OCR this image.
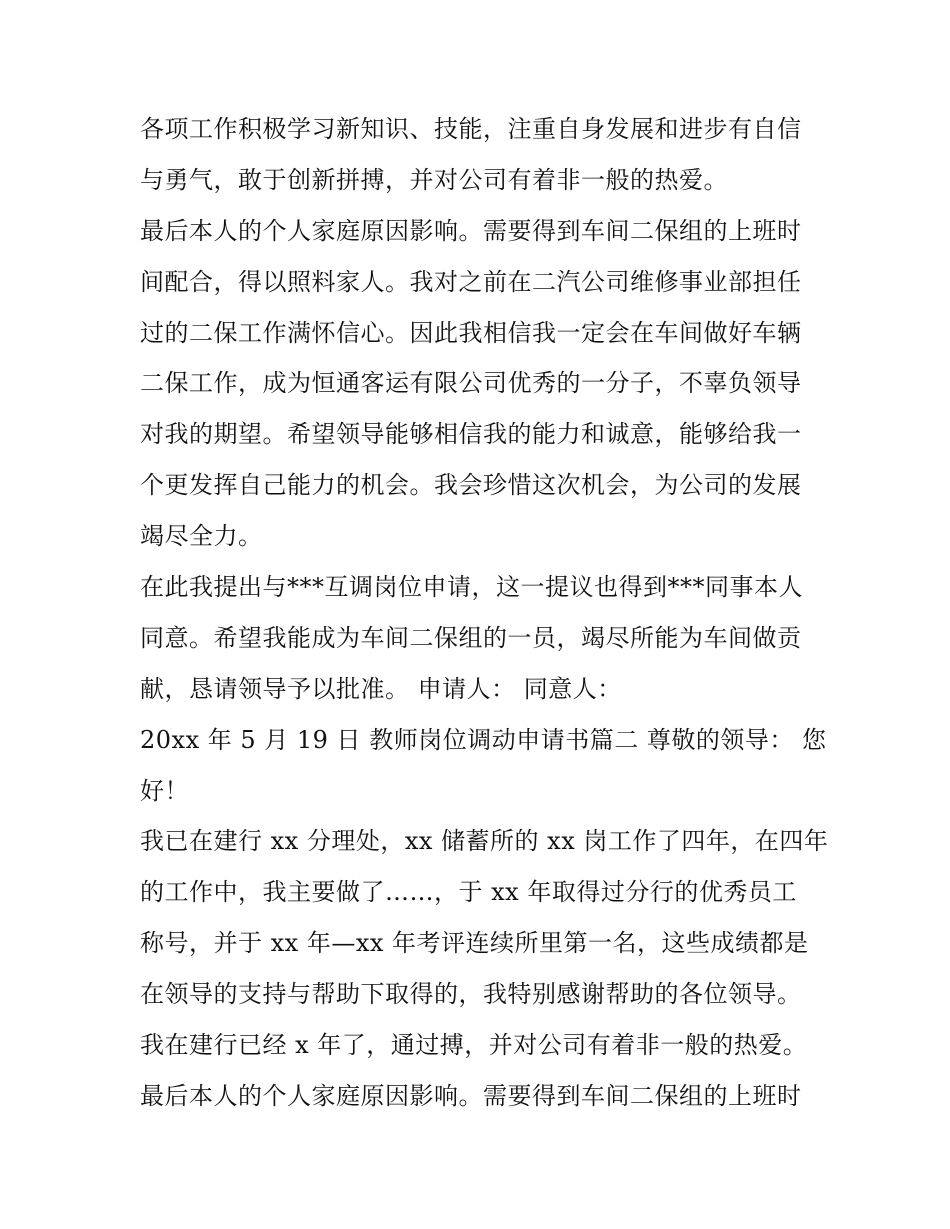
各项工作积极学习新知识、技能，注重自身发展和进步有自信
与勇气，敢于创新拼搏，并对公司有着非一般的热爱。
最后本人的个人家庭原因影响。需要得到车间二保组的上班时
间配合，得以照料家人。我对之前在二汽公司维修事业部担任
过的二保工作满怀信心。因此我相信我一定会在车间做好车辆
二保工作，成为恒通客运有限公司优秀的一分子，不辜负领导
对我的期望。希望领导能够相信我的能力和诚意，能够给我一
个更发挥自己能力的机会。我会珍惜这次机会，为公司的发展
竭尽全力。
在此我提出与***互调岗位申请，这一提议也得到***同事本人
同意。希望我能成为车间二保组的一员，竭尽所能为车间做贡
献，恳请领导予以批准。 申请人： 同意人：
20xx 年 5 月 19 日 教师岗位调动申请书篇二 尊敬的领导： 您
好！
我已在建行 xx 分理处，xx 储蓄所的 xx 岗工作了四年，在四年
的工作中，我主要做了……，于 xx 年取得过分行的优秀员工
称号，并于 xx 年—xx 年考评连续所里第一名，这些成绩都是
在领导的支持与帮助下取得的，我特别感谢帮助的各位领导。
我在建行已经 x 年了，通过搏，并对公司有着非一般的热爱。
最后本人的个人家庭原因影响。需要得到车间二保组的上班时
